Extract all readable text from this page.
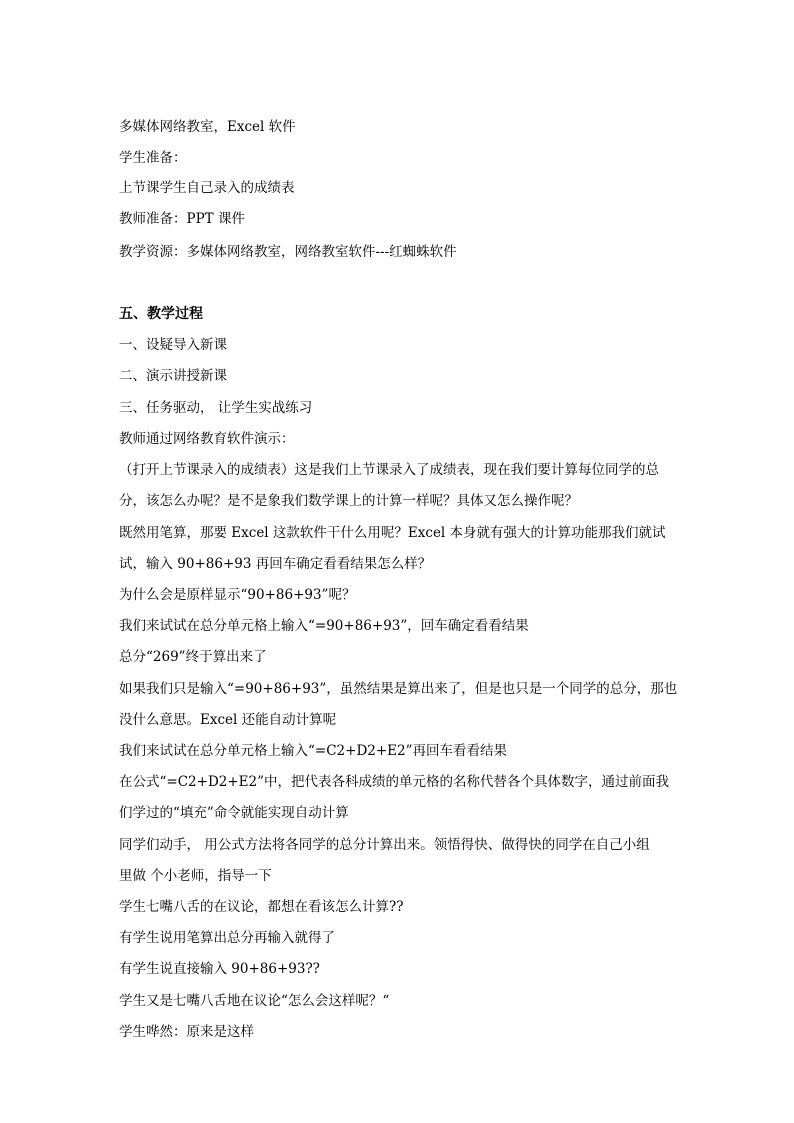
多媒体网络教室，Excel 软件

学生准备：

上节课学生自己录入的成绩表

教师准备：PPT 课件

教学资源：多媒体网络教室，网络教室软件---红蜘蛛软件

五、教学过程

一、设疑导入新课

二、演示讲授新课

三、任务驱动， 让学生实战练习

教师通过网络教育软件演示：

（打开上节课录入的成绩表）这是我们上节课录入了成绩表，现在我们要计算每位同学的总

分，该怎么办呢？是不是象我们数学课上的计算一样呢？具体又怎么操作呢？

既然用笔算，那要 Excel 这款软件干什么用呢？Excel 本身就有强大的计算功能那我们就试

试，输入 90+86+93 再回车确定看看结果怎么样？

为什么会是原样显示“90+86+93”呢？

我们来试试在总分单元格上输入“=90+86+93”，回车确定看看结果

总分“269”终于算出来了

如果我们只是输入“=90+86+93”，虽然结果是算出来了，但是也只是一个同学的总分，那也

没什么意思。Excel 还能自动计算呢

我们来试试在总分单元格上输入“=C2+D2+E2”再回车看看结果

在公式“=C2+D2+E2”中，把代表各科成绩的单元格的名称代替各个具体数字，通过前面我

们学过的“填充”命令就能实现自动计算

同学们动手， 用公式方法将各同学的总分计算出来。领悟得快、做得快的同学在自己小组

里做 个小老师，指导一下

学生七嘴八舌的在议论，都想在看该怎么计算??

有学生说用笔算出总分再输入就得了

有学生说直接输入 90+86+93??

学生又是七嘴八舌地在议论“怎么会这样呢？“

学生哗然：原来是这样
